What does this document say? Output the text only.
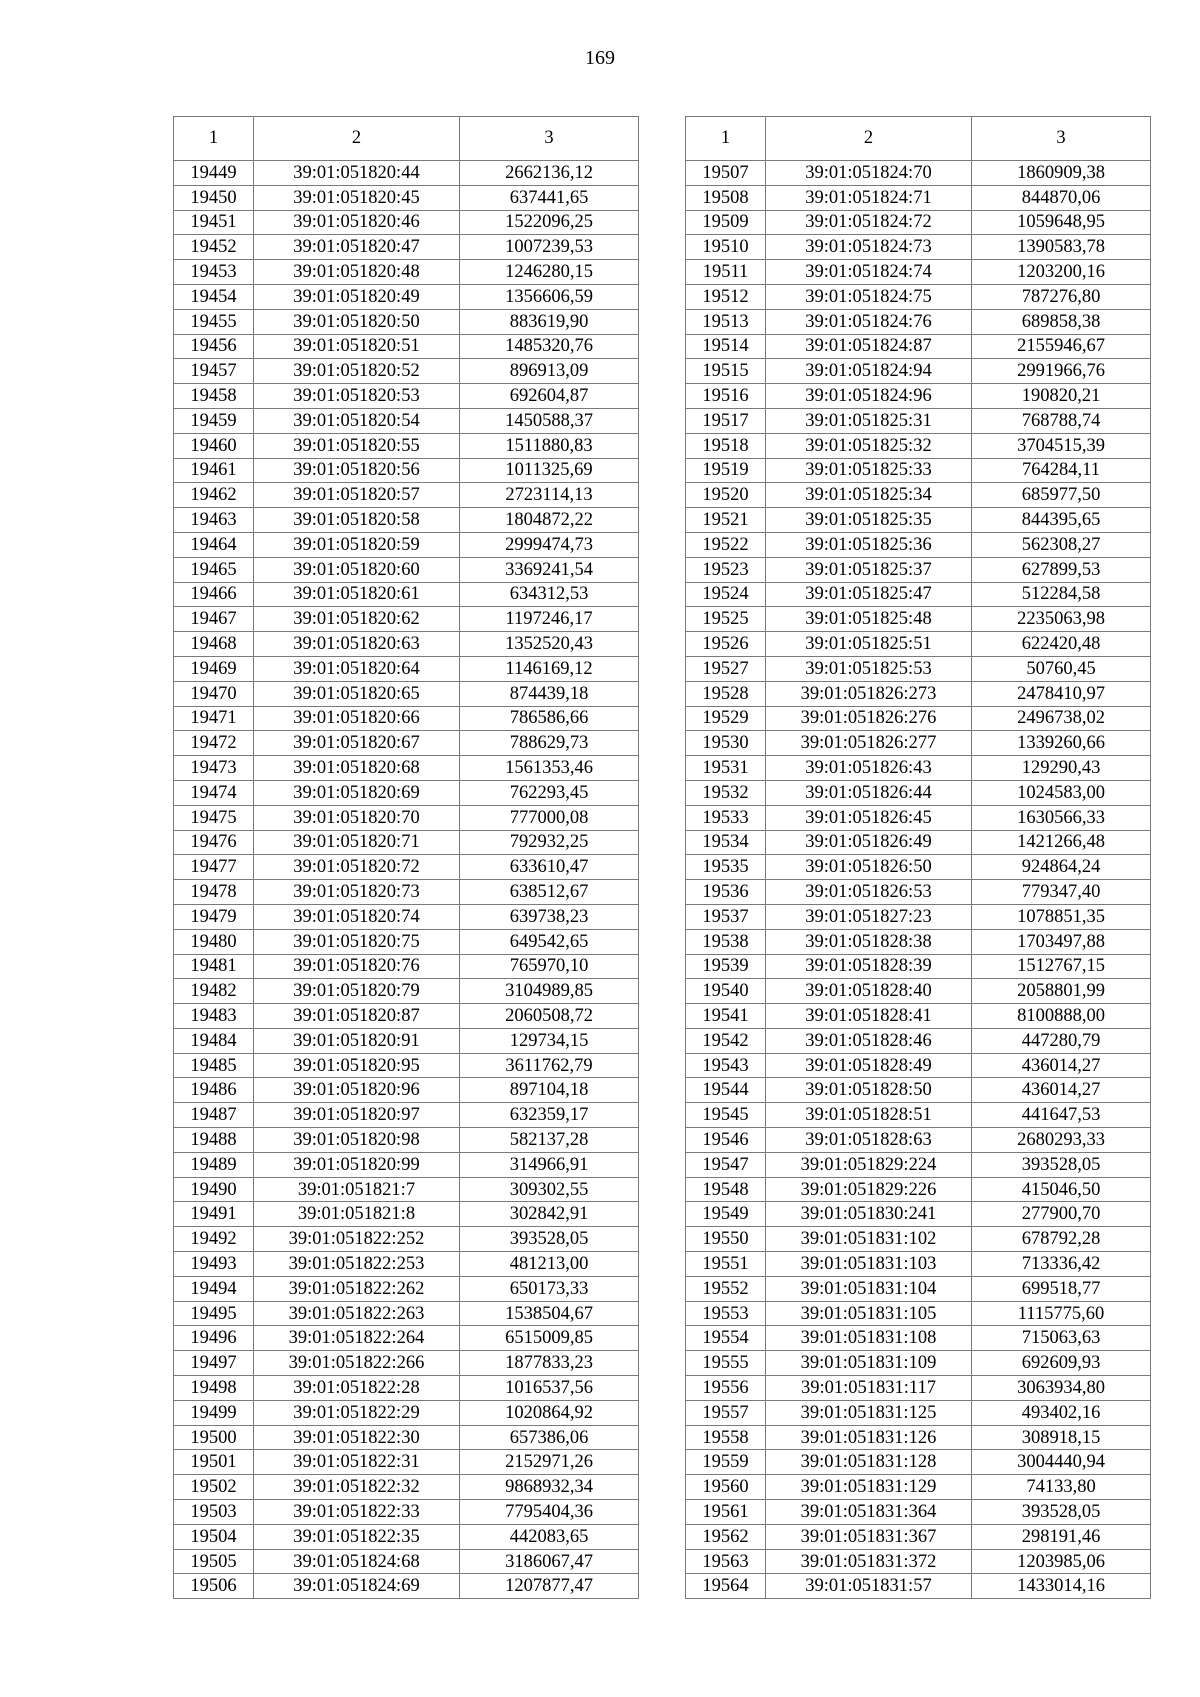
169
1	2	3
19449	39:01:051820:44	2662136,12
19450	39:01:051820:45	637441,65
19451	39:01:051820:46	1522096,25
19452	39:01:051820:47	1007239,53
19453	39:01:051820:48	1246280,15
19454	39:01:051820:49	1356606,59
19455	39:01:051820:50	883619,90
19456	39:01:051820:51	1485320,76
19457	39:01:051820:52	896913,09
19458	39:01:051820:53	692604,87
19459	39:01:051820:54	1450588,37
19460	39:01:051820:55	1511880,83
19461	39:01:051820:56	1011325,69
19462	39:01:051820:57	2723114,13
19463	39:01:051820:58	1804872,22
19464	39:01:051820:59	2999474,73
19465	39:01:051820:60	3369241,54
19466	39:01:051820:61	634312,53
19467	39:01:051820:62	1197246,17
19468	39:01:051820:63	1352520,43
19469	39:01:051820:64	1146169,12
19470	39:01:051820:65	874439,18
19471	39:01:051820:66	786586,66
19472	39:01:051820:67	788629,73
19473	39:01:051820:68	1561353,46
19474	39:01:051820:69	762293,45
19475	39:01:051820:70	777000,08
19476	39:01:051820:71	792932,25
19477	39:01:051820:72	633610,47
19478	39:01:051820:73	638512,67
19479	39:01:051820:74	639738,23
19480	39:01:051820:75	649542,65
19481	39:01:051820:76	765970,10
19482	39:01:051820:79	3104989,85
19483	39:01:051820:87	2060508,72
19484	39:01:051820:91	129734,15
19485	39:01:051820:95	3611762,79
19486	39:01:051820:96	897104,18
19487	39:01:051820:97	632359,17
19488	39:01:051820:98	582137,28
19489	39:01:051820:99	314966,91
19490	39:01:051821:7	309302,55
19491	39:01:051821:8	302842,91
19492	39:01:051822:252	393528,05
19493	39:01:051822:253	481213,00
19494	39:01:051822:262	650173,33
19495	39:01:051822:263	1538504,67
19496	39:01:051822:264	6515009,85
19497	39:01:051822:266	1877833,23
19498	39:01:051822:28	1016537,56
19499	39:01:051822:29	1020864,92
19500	39:01:051822:30	657386,06
19501	39:01:051822:31	2152971,26
19502	39:01:051822:32	9868932,34
19503	39:01:051822:33	7795404,36
19504	39:01:051822:35	442083,65
19505	39:01:051824:68	3186067,47
19506	39:01:051824:69	1207877,47
1	2	3
19507	39:01:051824:70	1860909,38
19508	39:01:051824:71	844870,06
19509	39:01:051824:72	1059648,95
19510	39:01:051824:73	1390583,78
19511	39:01:051824:74	1203200,16
19512	39:01:051824:75	787276,80
19513	39:01:051824:76	689858,38
19514	39:01:051824:87	2155946,67
19515	39:01:051824:94	2991966,76
19516	39:01:051824:96	190820,21
19517	39:01:051825:31	768788,74
19518	39:01:051825:32	3704515,39
19519	39:01:051825:33	764284,11
19520	39:01:051825:34	685977,50
19521	39:01:051825:35	844395,65
19522	39:01:051825:36	562308,27
19523	39:01:051825:37	627899,53
19524	39:01:051825:47	512284,58
19525	39:01:051825:48	2235063,98
19526	39:01:051825:51	622420,48
19527	39:01:051825:53	50760,45
19528	39:01:051826:273	2478410,97
19529	39:01:051826:276	2496738,02
19530	39:01:051826:277	1339260,66
19531	39:01:051826:43	129290,43
19532	39:01:051826:44	1024583,00
19533	39:01:051826:45	1630566,33
19534	39:01:051826:49	1421266,48
19535	39:01:051826:50	924864,24
19536	39:01:051826:53	779347,40
19537	39:01:051827:23	1078851,35
19538	39:01:051828:38	1703497,88
19539	39:01:051828:39	1512767,15
19540	39:01:051828:40	2058801,99
19541	39:01:051828:41	8100888,00
19542	39:01:051828:46	447280,79
19543	39:01:051828:49	436014,27
19544	39:01:051828:50	436014,27
19545	39:01:051828:51	441647,53
19546	39:01:051828:63	2680293,33
19547	39:01:051829:224	393528,05
19548	39:01:051829:226	415046,50
19549	39:01:051830:241	277900,70
19550	39:01:051831:102	678792,28
19551	39:01:051831:103	713336,42
19552	39:01:051831:104	699518,77
19553	39:01:051831:105	1115775,60
19554	39:01:051831:108	715063,63
19555	39:01:051831:109	692609,93
19556	39:01:051831:117	3063934,80
19557	39:01:051831:125	493402,16
19558	39:01:051831:126	308918,15
19559	39:01:051831:128	3004440,94
19560	39:01:051831:129	74133,80
19561	39:01:051831:364	393528,05
19562	39:01:051831:367	298191,46
19563	39:01:051831:372	1203985,06
19564	39:01:051831:57	1433014,16
